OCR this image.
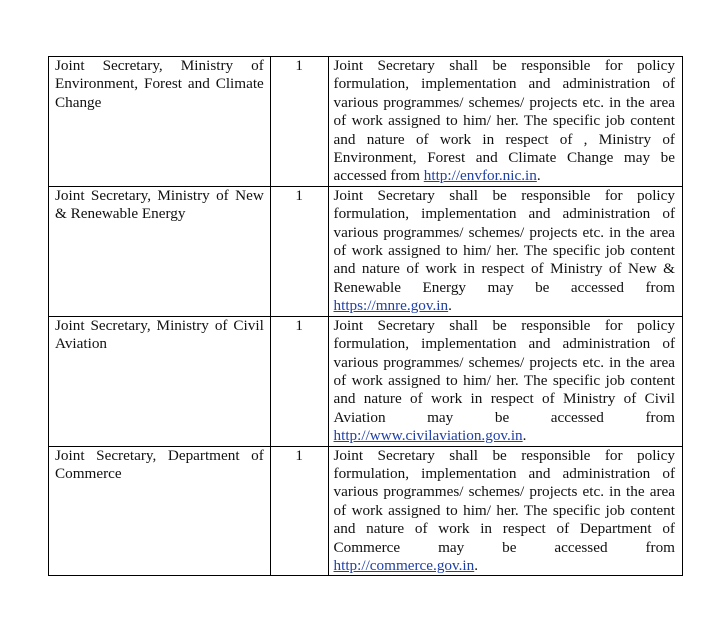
Joint Secretary, Ministry of Environment, Forest and Climate Change	1	Joint Secretary shall be responsible for policy formulation, implementation and administration of various programmes/ schemes/ projects etc. in the area of work assigned to him/ her. The specific job content and nature of work in respect of , Ministry of Environment, Forest and Climate Change may be accessed from http://envfor.nic.in.
Joint Secretary, Ministry of New & Renewable Energy	1	Joint Secretary shall be responsible for policy formulation, implementation and administration of various programmes/ schemes/ projects etc. in the area of work assigned to him/ her. The specific job content and nature of work in respect of Ministry of New & Renewable Energy may be accessed from https://mnre.gov.in.
Joint Secretary, Ministry of Civil Aviation	1	Joint Secretary shall be responsible for policy formulation, implementation and administration of various programmes/ schemes/ projects etc. in the area of work assigned to him/ her. The specific job content and nature of work in respect of Ministry of Civil Aviation may be accessed from http://www.civilaviation.gov.in.
Joint Secretary, Department of Commerce	1	Joint Secretary shall be responsible for policy formulation, implementation and administration of various programmes/ schemes/ projects etc. in the area of work assigned to him/ her. The specific job content and nature of work in respect of Department of Commerce may be accessed from http://commerce.gov.in.
